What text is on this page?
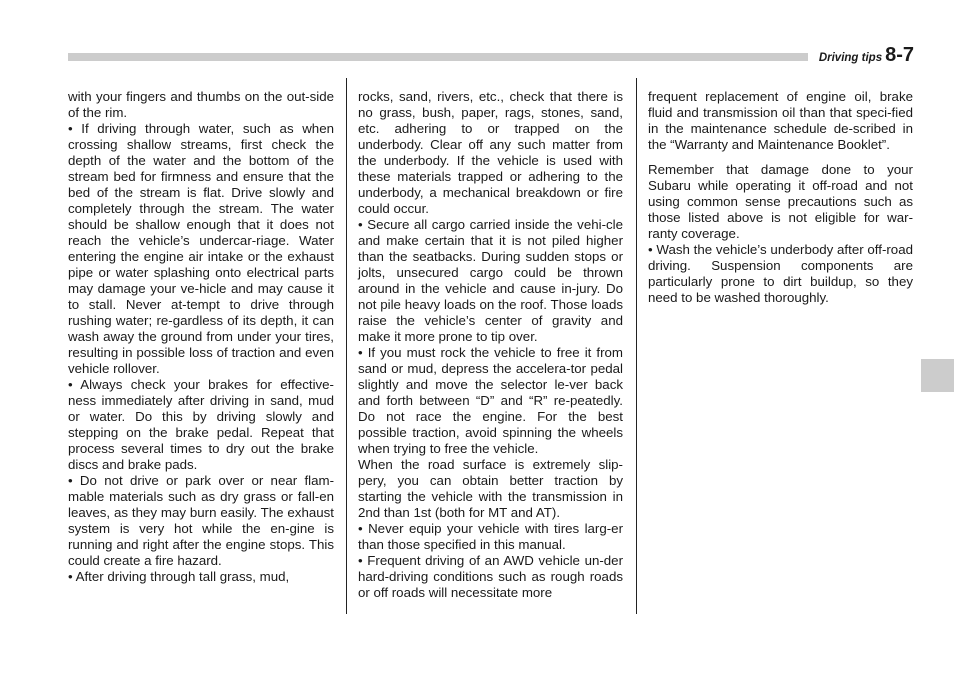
Driving tips 8-7

with your fingers and thumbs on the out-side of the rim.

• If driving through water, such as when crossing shallow streams, first check the depth of the water and the bottom of the stream bed for firmness and ensure that the bed of the stream is flat. Drive slowly and completely through the stream. The water should be shallow enough that it does not reach the vehicle’s undercar-riage. Water entering the engine air intake or the exhaust pipe or water splashing onto electrical parts may damage your ve-hicle and may cause it to stall. Never at-tempt to drive through rushing water; re-gardless of its depth, it can wash away the ground from under your tires, resulting in possible loss of traction and even vehicle rollover.

• Always check your brakes for effective-ness immediately after driving in sand, mud or water. Do this by driving slowly and stepping on the brake pedal. Repeat that process several times to dry out the brake discs and brake pads.

• Do not drive or park over or near flam-mable materials such as dry grass or fall-en leaves, as they may burn easily. The exhaust system is very hot while the en-gine is running and right after the engine stops. This could create a fire hazard.

• After driving through tall grass, mud,

rocks, sand, rivers, etc., check that there is no grass, bush, paper, rags, stones, sand, etc. adhering to or trapped on the underbody. Clear off any such matter from the underbody. If the vehicle is used with these materials trapped or adhering to the underbody, a mechanical breakdown or fire could occur.

• Secure all cargo carried inside the vehi-cle and make certain that it is not piled higher than the seatbacks. During sudden stops or jolts, unsecured cargo could be thrown around in the vehicle and cause in-jury. Do not pile heavy loads on the roof. Those loads raise the vehicle’s center of gravity and make it more prone to tip over.

• If you must rock the vehicle to free it from sand or mud, depress the accelera-tor pedal slightly and move the selector le-ver back and forth between “D” and “R” re-peatedly. Do not race the engine. For the best possible traction, avoid spinning the wheels when trying to free the vehicle.

When the road surface is extremely slip-pery, you can obtain better traction by starting the vehicle with the transmission in 2nd than 1st (both for MT and AT).

• Never equip your vehicle with tires larg-er than those specified in this manual.

• Frequent driving of an AWD vehicle un-der hard-driving conditions such as rough roads or off roads will necessitate more

frequent replacement of engine oil, brake fluid and transmission oil than that speci-fied in the maintenance schedule de-scribed in the “Warranty and Maintenance Booklet”.

Remember that damage done to your Subaru while operating it off-road and not using common sense precautions such as those listed above is not eligible for war-ranty coverage.

• Wash the vehicle’s underbody after off-road driving. Suspension components are particularly prone to dirt buildup, so they need to be washed thoroughly.
